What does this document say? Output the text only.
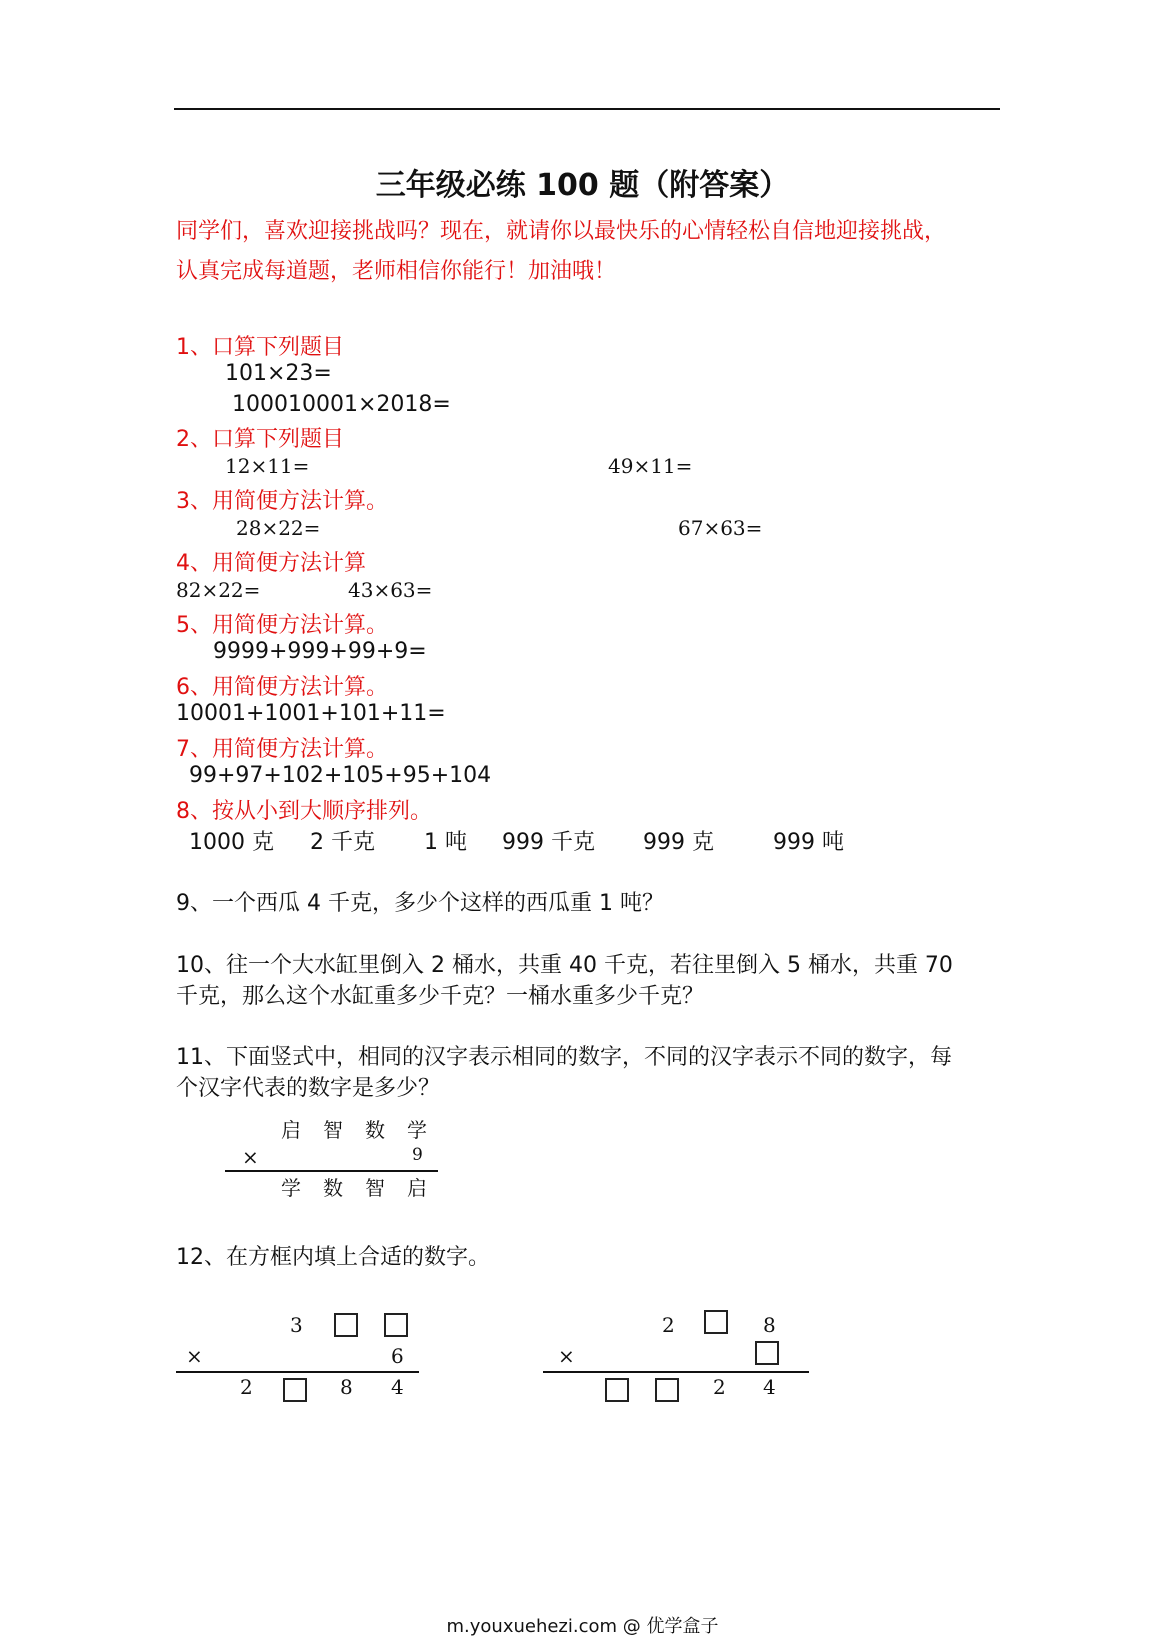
三年级必练 100 题（附答案）
同学们，喜欢迎接挑战吗？现在，就请你以最快乐的心情轻松自信地迎接挑战，
认真完成每道题，老师相信你能行！加油哦！
1、口算下列题目
101×23=
100010001×2018=
2、口算下列题目
12×11=	49×11=
3、用简便方法计算。
28×22=	67×63=
4、用简便方法计算
82×22=	43×63=
5、用简便方法计算。
9999+999+99+9=
6、用简便方法计算。
10001+1001+101+11=
7、用简便方法计算。
99+97+102+105+95+104
8、按从小到大顺序排列。
1000 克 2 千克 1 吨 999 千克 999 克	999 吨
9、一个西瓜 4 千克，多少个这样的西瓜重 1 吨？
10、往一个大水缸里倒入 2 桶水，共重 40 千克，若往里倒入 5 桶水，共重 70
千克，那么这个水缸重多少千克？一桶水重多少千克？
11、下面竖式中，相同的汉字表示相同的数字，不同的汉字表示不同的数字，每
个汉字代表的数字是多少？
启 智 数 学
×	9
学 数 智 启
12、在方框内填上合适的数字。
3
×	6
2	8 4
2	8
×
2 4
m.youxuehezi.com @ 优学盒子
